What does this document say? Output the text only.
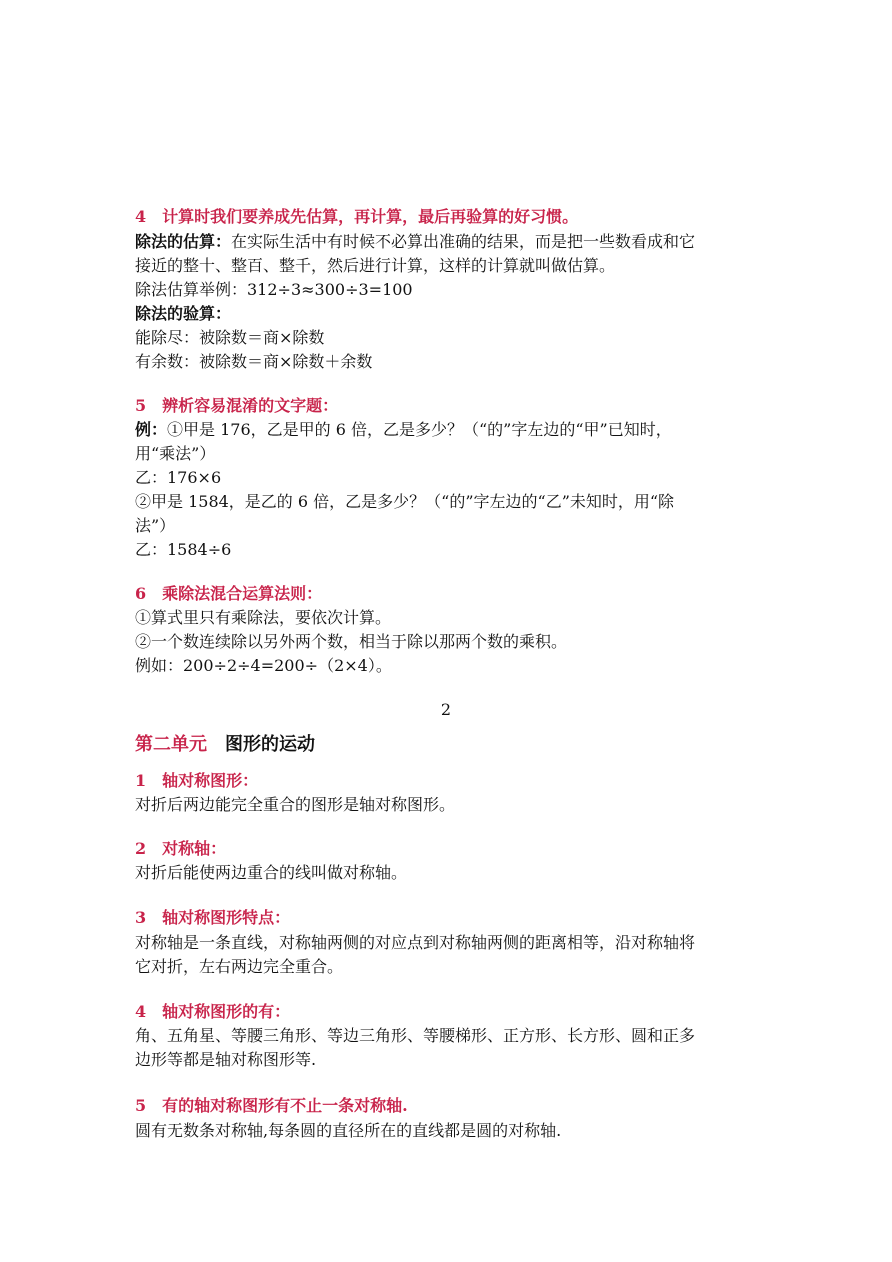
4　计算时我们要养成先估算，再计算，最后再验算的好习惯。
除法的估算：在实际生活中有时候不必算出准确的结果，而是把一些数看成和它
接近的整十、整百、整千，然后进行计算，这样的计算就叫做估算。
除法估算举例：312÷3≈300÷3=100
除法的验算：
能除尽：被除数＝商×除数
有余数：被除数＝商×除数＋余数
5　辨析容易混淆的文字题：
例：①甲是 176，乙是甲的 6 倍，乙是多少？（“的”字左边的“甲”已知时，
用“乘法”）
乙：176×6
②甲是 1584，是乙的 6 倍，乙是多少？（“的”字左边的“乙”未知时，用“除
法”）
乙：1584÷6
6　乘除法混合运算法则：
①算式里只有乘除法，要依次计算。
②一个数连续除以另外两个数，相当于除以那两个数的乘积。
例如：200÷2÷4=200÷（2×4）。
2
第二单元 图形的运动
1　轴对称图形：
对折后两边能完全重合的图形是轴对称图形。
2　对称轴：
对折后能使两边重合的线叫做对称轴。
3　轴对称图形特点：
对称轴是一条直线，对称轴两侧的对应点到对称轴两侧的距离相等，沿对称轴将
它对折，左右两边完全重合。
4　轴对称图形的有：
角、五角星、等腰三角形、等边三角形、等腰梯形、正方形、长方形、圆和正多
边形等都是轴对称图形等.
5　有的轴对称图形有不止一条对称轴.
圆有无数条对称轴,每条圆的直径所在的直线都是圆的对称轴.
